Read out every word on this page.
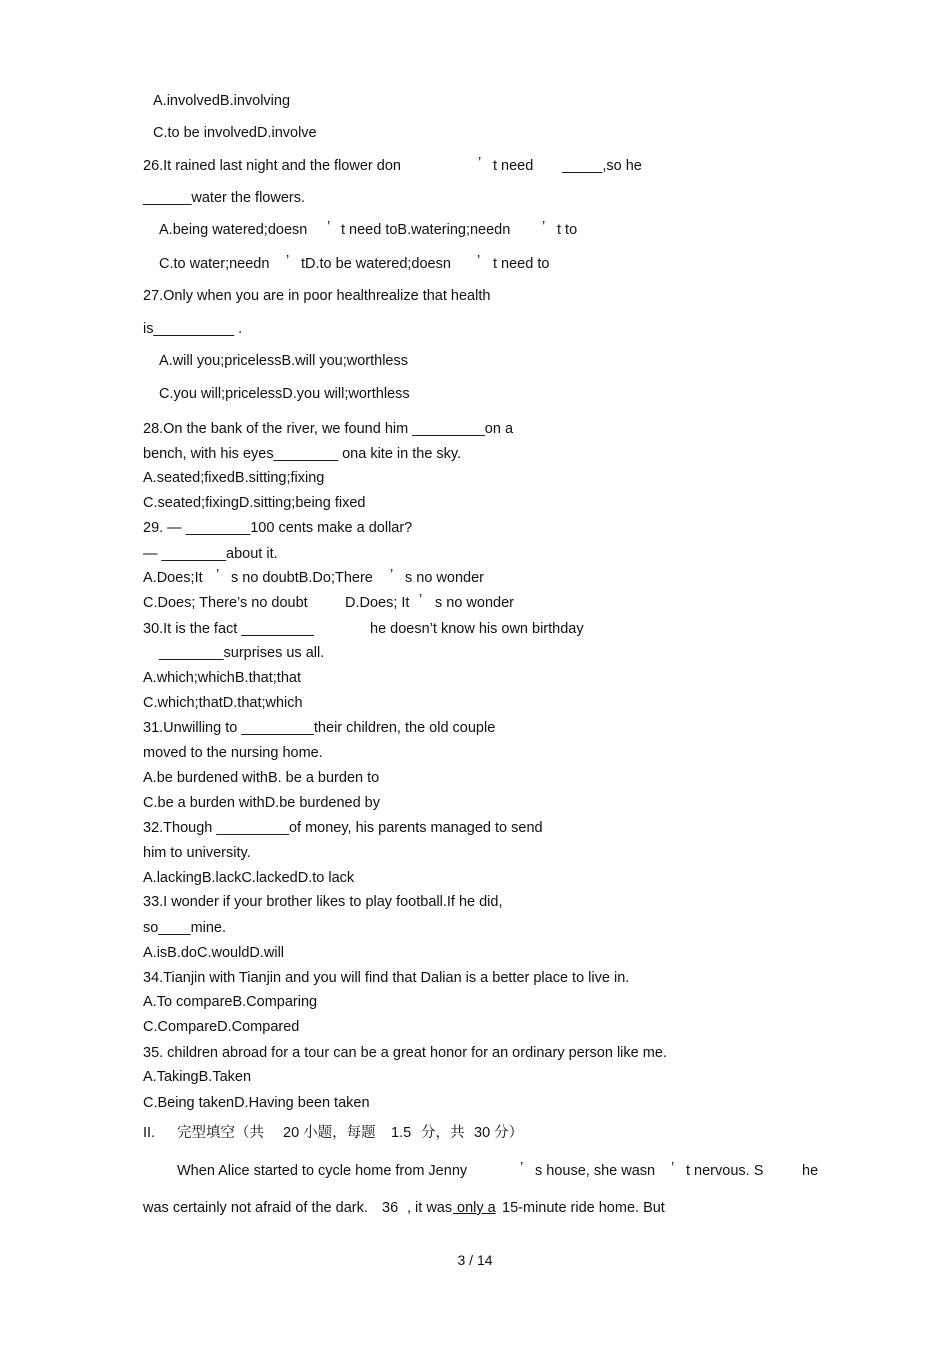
A.involvedB.involving
C.to be involvedD.involve
26.It rained last night and the flower don	’ t need _____,so he
______water the flowers.
A.being watered;doesn ’ t need toB.watering;needn ’ t to
C.to water;needn ’ tD.to be watered;doesn ’ t need to
27.Only when you are in poor healthrealize that health
is__________ .
A.will you;pricelessB.will you;worthless
C.you will;pricelessD.you will;worthless
28.On the bank of the river, we found him _________on a
bench, with his eyes________ ona kite in the sky.
A.seated;fixedB.sitting;fixing
C.seated;fixingD.sitting;being fixed
29. — ________100 cents make a dollar?
— ________about it.
A.Does;It ’ s no doubtB.Do;There ’ s no wonder
C.Does; There’s no doubt	D.Does; It ’ s no wonder
30.It is the fact _________	he doesn’t know his own birthday
________surprises us all.
A.which;whichB.that;that
C.which;thatD.that;which
31.Unwilling to _________their children, the old couple
moved to the nursing home.
A.be burdened withB. be a burden to
C.be a burden withD.be burdened by
32.Though _________of money, his parents managed to send
him to university.
A.lackingB.lackC.lackedD.to lack
33.I wonder if your brother likes to play football.If he did,
so____mine.
A.isB.doC.wouldD.will
34.Tianjin with Tianjin and you will find that Dalian is a better place to live in.
A.To compareB.Comparing
C.CompareD.Compared
35. children abroad for a tour can be a great honor for an ordinary person like me.
A.TakingB.Taken
C.Being takenD.Having been taken
II. 完型填空（共 20 小题，每题 1.5 分，共 30 分）
When Alice started to cycle home from Jenny	’ s house, she wasn ’ t nervous. S	he
was certainly not afraid of the dark. 36 , it was only a 15-minute ride home. But
3 / 14
